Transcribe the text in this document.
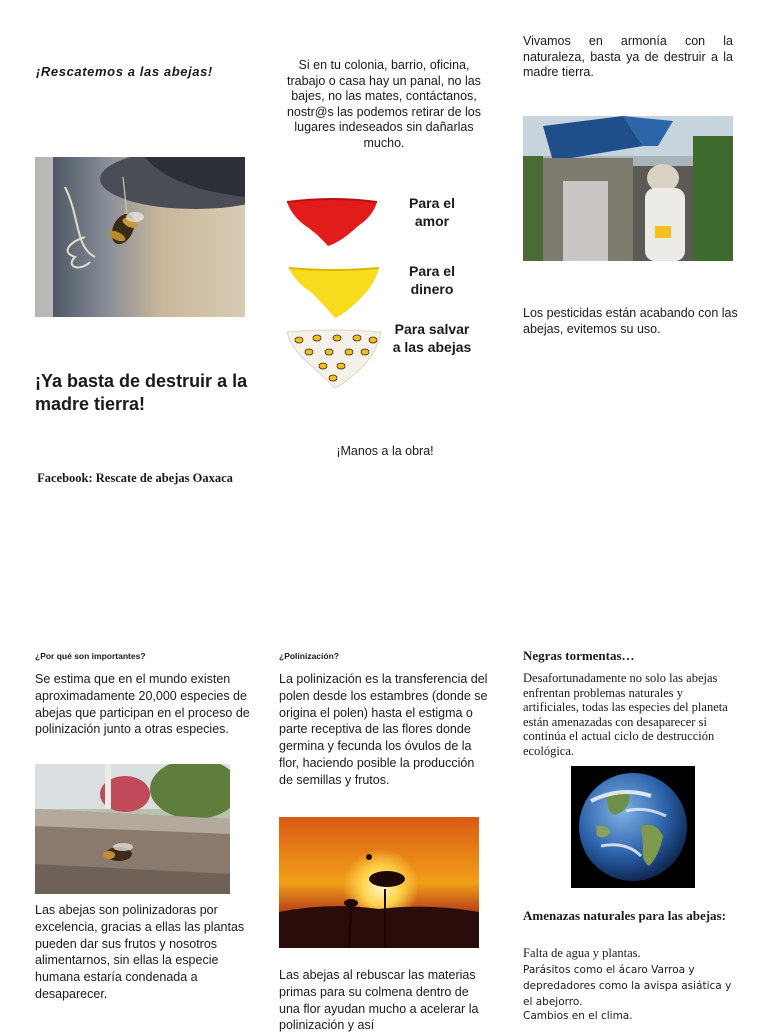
¡Rescatemos a las abejas!
¡Ya basta de destruir a la madre tierra!
Facebook: Rescate de abejas Oaxaca
Si en tu colonia, barrio, oficina, trabajo o casa hay un panal, no las bajes, no las mates, contáctanos, nostr@s las podemos retirar de los lugares indeseados sin dañarlas mucho.
Para el amor
Para el dinero
Para salvar a las abejas
¡Manos a la obra!
Vivamos en armonía con la naturaleza, basta ya de destruir a la madre tierra.
Los pesticidas están acabando con las abejas, evitemos su uso.
¿Por qué son importantes?
Se estima que en el mundo existen aproximadamente 20,000 especies de abejas que participan en el proceso de polinización junto a otras especies.
Las abejas son polinizadoras por excelencia, gracias a ellas las plantas pueden dar sus frutos y nosotros alimentarnos, sin ellas la especie humana estaría condenada a desaparecer.
¿Polinización?
La polinización es la transferencia del polen desde los estambres (donde se origina el polen) hasta el estigma o parte receptiva de las flores donde germina y fecunda los óvulos de la flor, haciendo posible la producción de semillas y frutos.
Las abejas al rebuscar las materias primas para su colmena dentro de una flor ayudan mucho a acelerar la polinización y así
Negras tormentas…
Desafortunadamente no solo las abejas enfrentan problemas naturales y artificiales, todas las especies del planeta están amenazadas con desaparecer si continúa el actual ciclo de destrucción ecológica.
Amenazas naturales para las abejas:
Falta de agua y plantas.
Parásitos como el ácaro Varroa y depredadores como la avispa asiática y el abejorro.
Cambios en el clima.
